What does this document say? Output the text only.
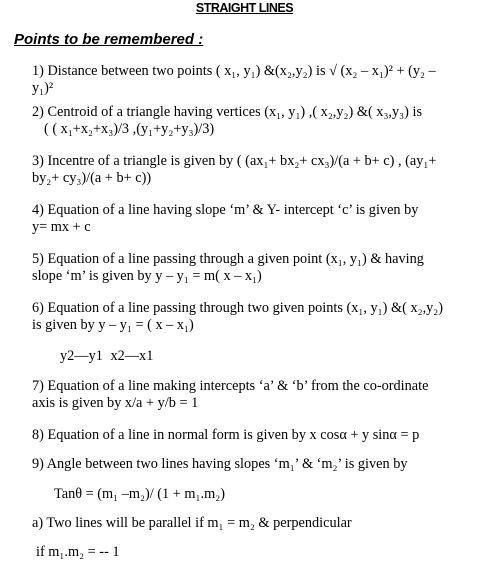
STRAIGHT LINES
Points to be remembered :
1) Distance between two points ( x₁, y₁) &(x₂,y₂) is √ (x₂ – x₁)² + (y₂ –
y₁)²
2) Centroid of a triangle having vertices (x₁, y₁) ,( x₂,y₂) &( x₃,y₃) is
( ( x₁+x₂+x₃)/3 ,(y₁+y₂+y₃)/3)
3) Incentre of a triangle is given by ( (ax₁+ bx₂+ cx₃)/(a + b+ c) , (ay₁+
by₂+ cy₃)/(a + b+ c))
4) Equation of a line having slope ‘m’ & Y- intercept ‘c’ is given by
y= mx + c
5) Equation of a line passing through a given point (x₁, y₁) & having
slope ‘m’ is given by y – y₁ = m( x – x₁)
6) Equation of a line passing through two given points (x₁, y₁) &( x₂,y₂)
is given by y – y₁ = ( x – x₁)
y2—y1 x2—x1
7) Equation of a line making intercepts ‘a’ & ‘b’ from the co-ordinate
axis is given by x/a + y/b = 1
8) Equation of a line in normal form is given by x cosα + y sinα = p
9) Angle between two lines having slopes ‘m₁’ & ‘m₂’ is given by
Tanθ = (m₁ –m₂)/ (1 + m₁.m₂)
a) Two lines will be parallel if m₁ = m₂ & perpendicular
if m₁.m₂ = -- 1
